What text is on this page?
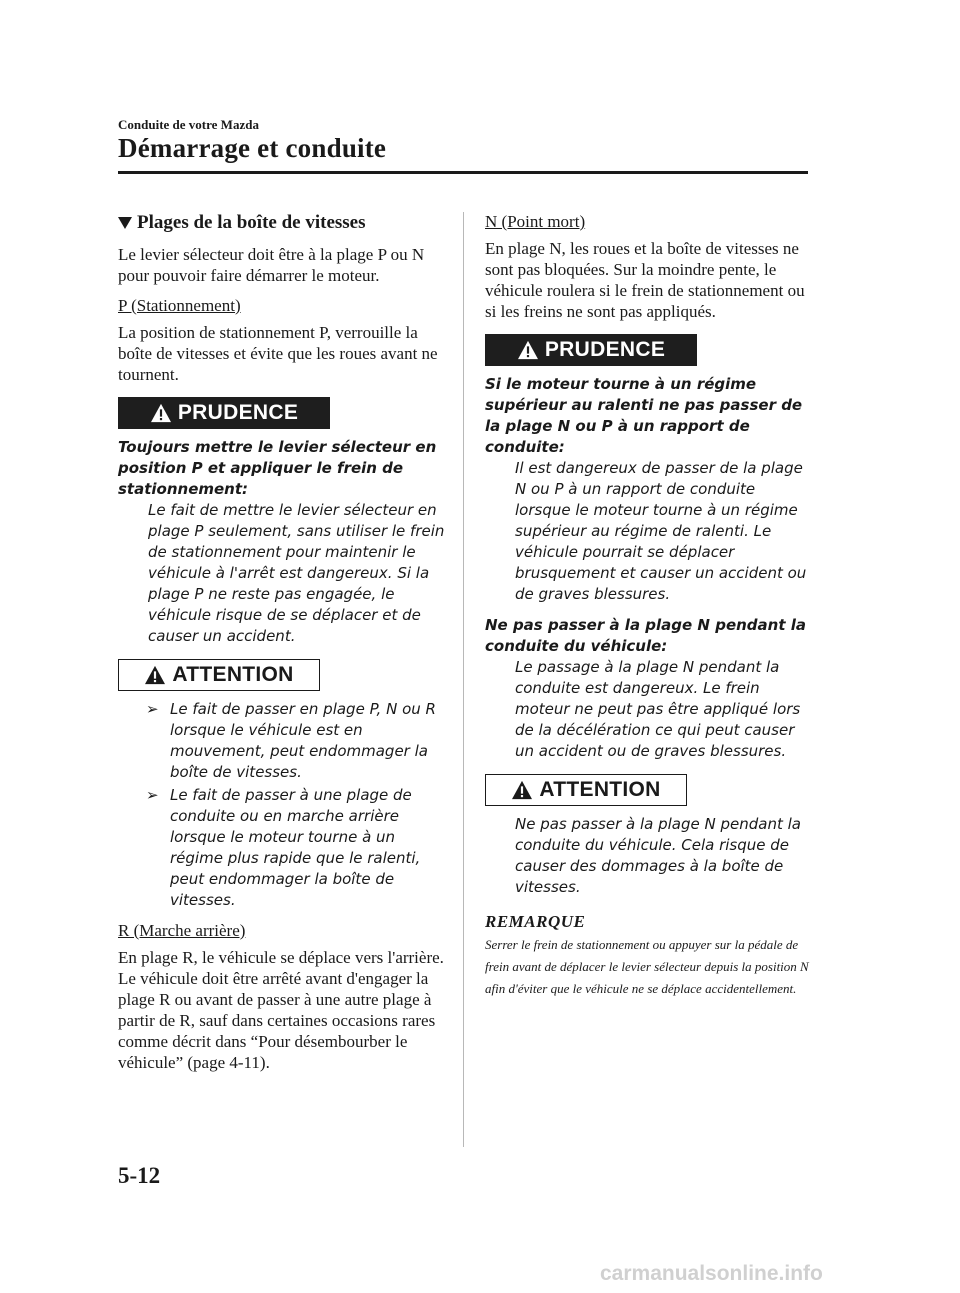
Conduite de votre Mazda
Démarrage et conduite
Plages de la boîte de vitesses

Le levier sélecteur doit être à la plage P ou N pour pouvoir faire démarrer le moteur.

P (Stationnement)

La position de stationnement P, verrouille la boîte de vitesses et évite que les roues avant ne tournent.

PRUDENCE

Toujours mettre le levier sélecteur en position P et appliquer le frein de stationnement:

Le fait de mettre le levier sélecteur en plage P seulement, sans utiliser le frein de stationnement pour maintenir le véhicule à l'arrêt est dangereux. Si la plage P ne reste pas engagée, le véhicule risque de se déplacer et de causer un accident.

ATTENTION
➢ Le fait de passer en plage P, N ou R lorsque le véhicule est en mouvement, peut endommager la boîte de vitesses.
➢ Le fait de passer à une plage de conduite ou en marche arrière lorsque le moteur tourne à un régime plus rapide que le ralenti, peut endommager la boîte de vitesses.
R (Marche arrière)

En plage R, le véhicule se déplace vers l'arrière. Le véhicule doit être arrêté avant d'engager la plage R ou avant de passer à une autre plage à partir de R, sauf dans certaines occasions rares comme décrit dans “Pour désembourber le véhicule” (page 4-11).

N (Point mort)

En plage N, les roues et la boîte de vitesses ne sont pas bloquées. Sur la moindre pente, le véhicule roulera si le frein de stationnement ou si les freins ne sont pas appliqués.

PRUDENCE

Si le moteur tourne à un régime supérieur au ralenti ne pas passer de la plage N ou P à un rapport de conduite:

Il est dangereux de passer de la plage N ou P à un rapport de conduite lorsque le moteur tourne à un régime supérieur au régime de ralenti. Le véhicule pourrait se déplacer brusquement et causer un accident ou de graves blessures.

Ne pas passer à la plage N pendant la conduite du véhicule:

Le passage à la plage N pendant la conduite est dangereux. Le frein moteur ne peut pas être appliqué lors de la décélération ce qui peut causer un accident ou de graves blessures.

ATTENTION

Ne pas passer à la plage N pendant la conduite du véhicule. Cela risque de causer des dommages à la boîte de vitesses.

REMARQUE

Serrer le frein de stationnement ou appuyer sur la pédale de frein avant de déplacer le levier sélecteur depuis la position N afin d'éviter que le véhicule ne se déplace accidentellement.

5-12
carmanualsonline.info
